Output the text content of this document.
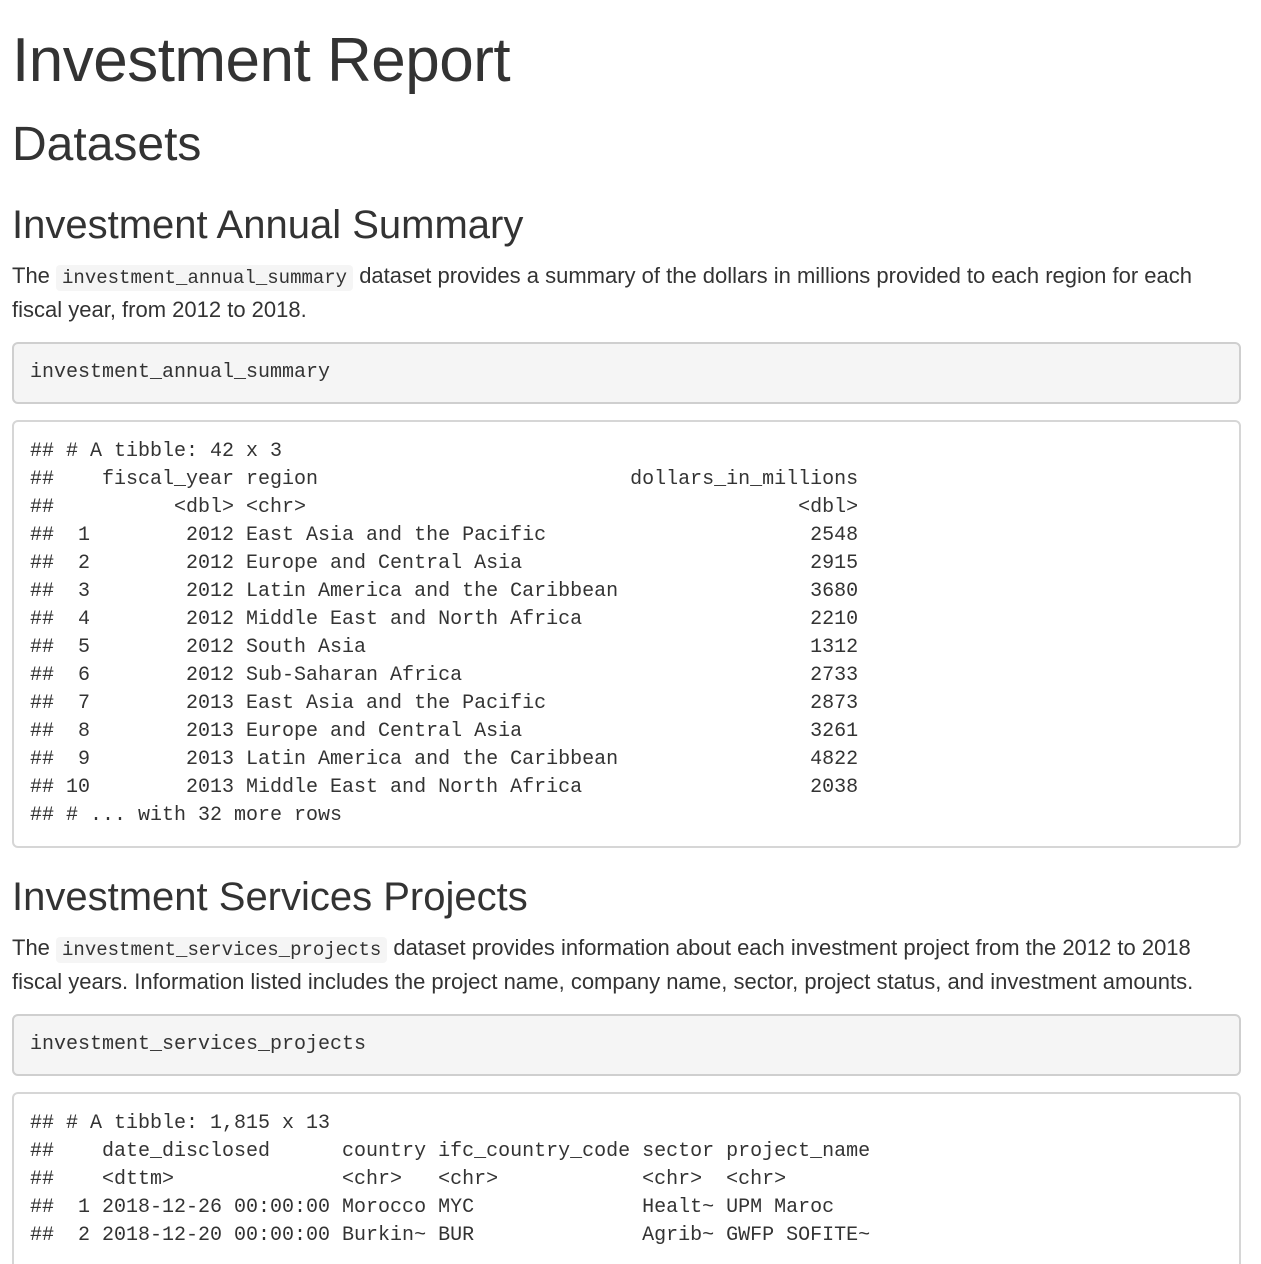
Investment Report
Datasets
Investment Annual Summary

The investment_annual_summary dataset provides a summary of the dollars in millions provided to each region for each fiscal year, from 2012 to 2018.

investment_annual_summary
## # A tibble: 42 x 3
##    fiscal_year region                          dollars_in_millions
##          <dbl> <chr>                                         <dbl>
##  1        2012 East Asia and the Pacific                      2548
##  2        2012 Europe and Central Asia                        2915
##  3        2012 Latin America and the Caribbean                3680
##  4        2012 Middle East and North Africa                   2210
##  5        2012 South Asia                                     1312
##  6        2012 Sub-Saharan Africa                             2733
##  7        2013 East Asia and the Pacific                      2873
##  8        2013 Europe and Central Asia                        3261
##  9        2013 Latin America and the Caribbean                4822
## 10        2013 Middle East and North Africa                   2038
## # ... with 32 more rows
Investment Services Projects

The investment_services_projects dataset provides information about each investment project from the 2012 to 2018 fiscal years. Information listed includes the project name, company name, sector, project status, and investment amounts.

investment_services_projects
## # A tibble: 1,815 x 13
##    date_disclosed      country ifc_country_code sector project_name
##    <dttm>              <chr>   <chr>            <chr>  <chr>
##  1 2018-12-26 00:00:00 Morocco MYC              Healt~ UPM Maroc
##  2 2018-12-20 00:00:00 Burkin~ BUR              Agrib~ GWFP SOFITE~
